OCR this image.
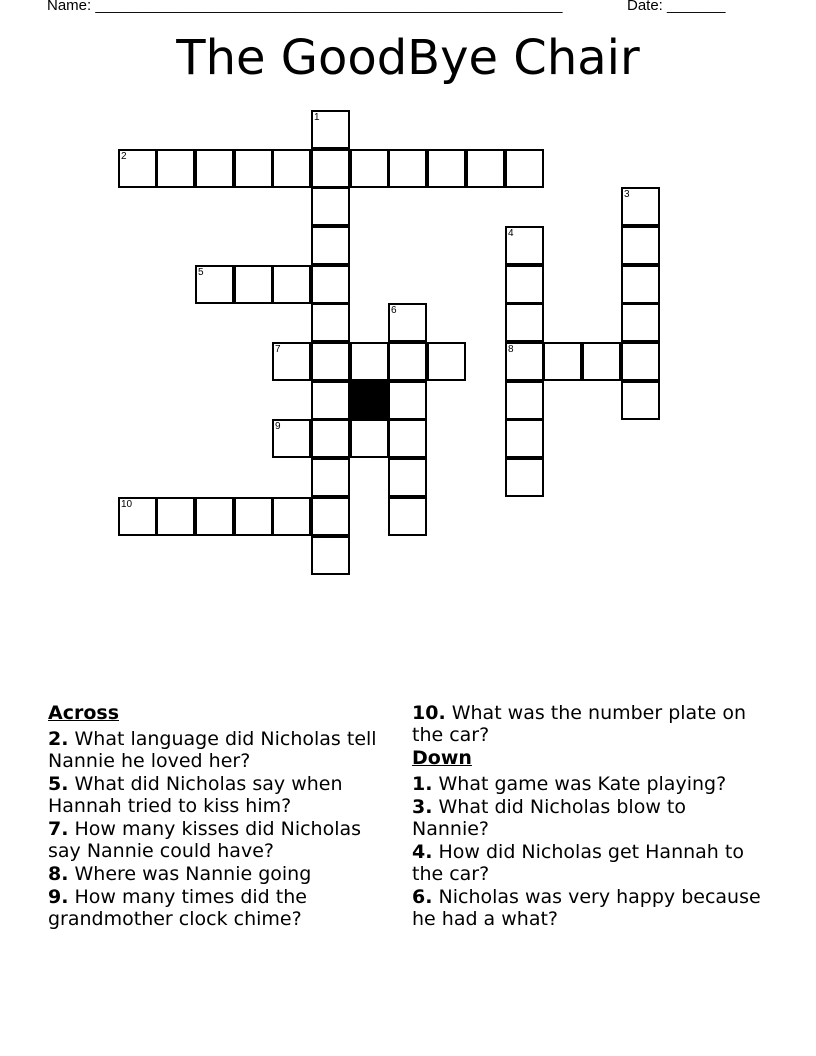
Name: ________________________________________________________	Date: _______
The GoodBye Chair
1
2
3
4
8
5
6
7
9
10
Across
2. What language did Nicholas tell Nannie he loved her?
5. What did Nicholas say when Hannah tried to kiss him?
7. How many kisses did Nicholas say Nannie could have?
8. Where was Nannie going
9. How many times did the grandmother clock chime?
10. What was the number plate on the car?
Down
1. What game was Kate playing?
3. What did Nicholas blow to Nannie?
4. How did Nicholas get Hannah to the car?
6. Nicholas was very happy because he had a what?
